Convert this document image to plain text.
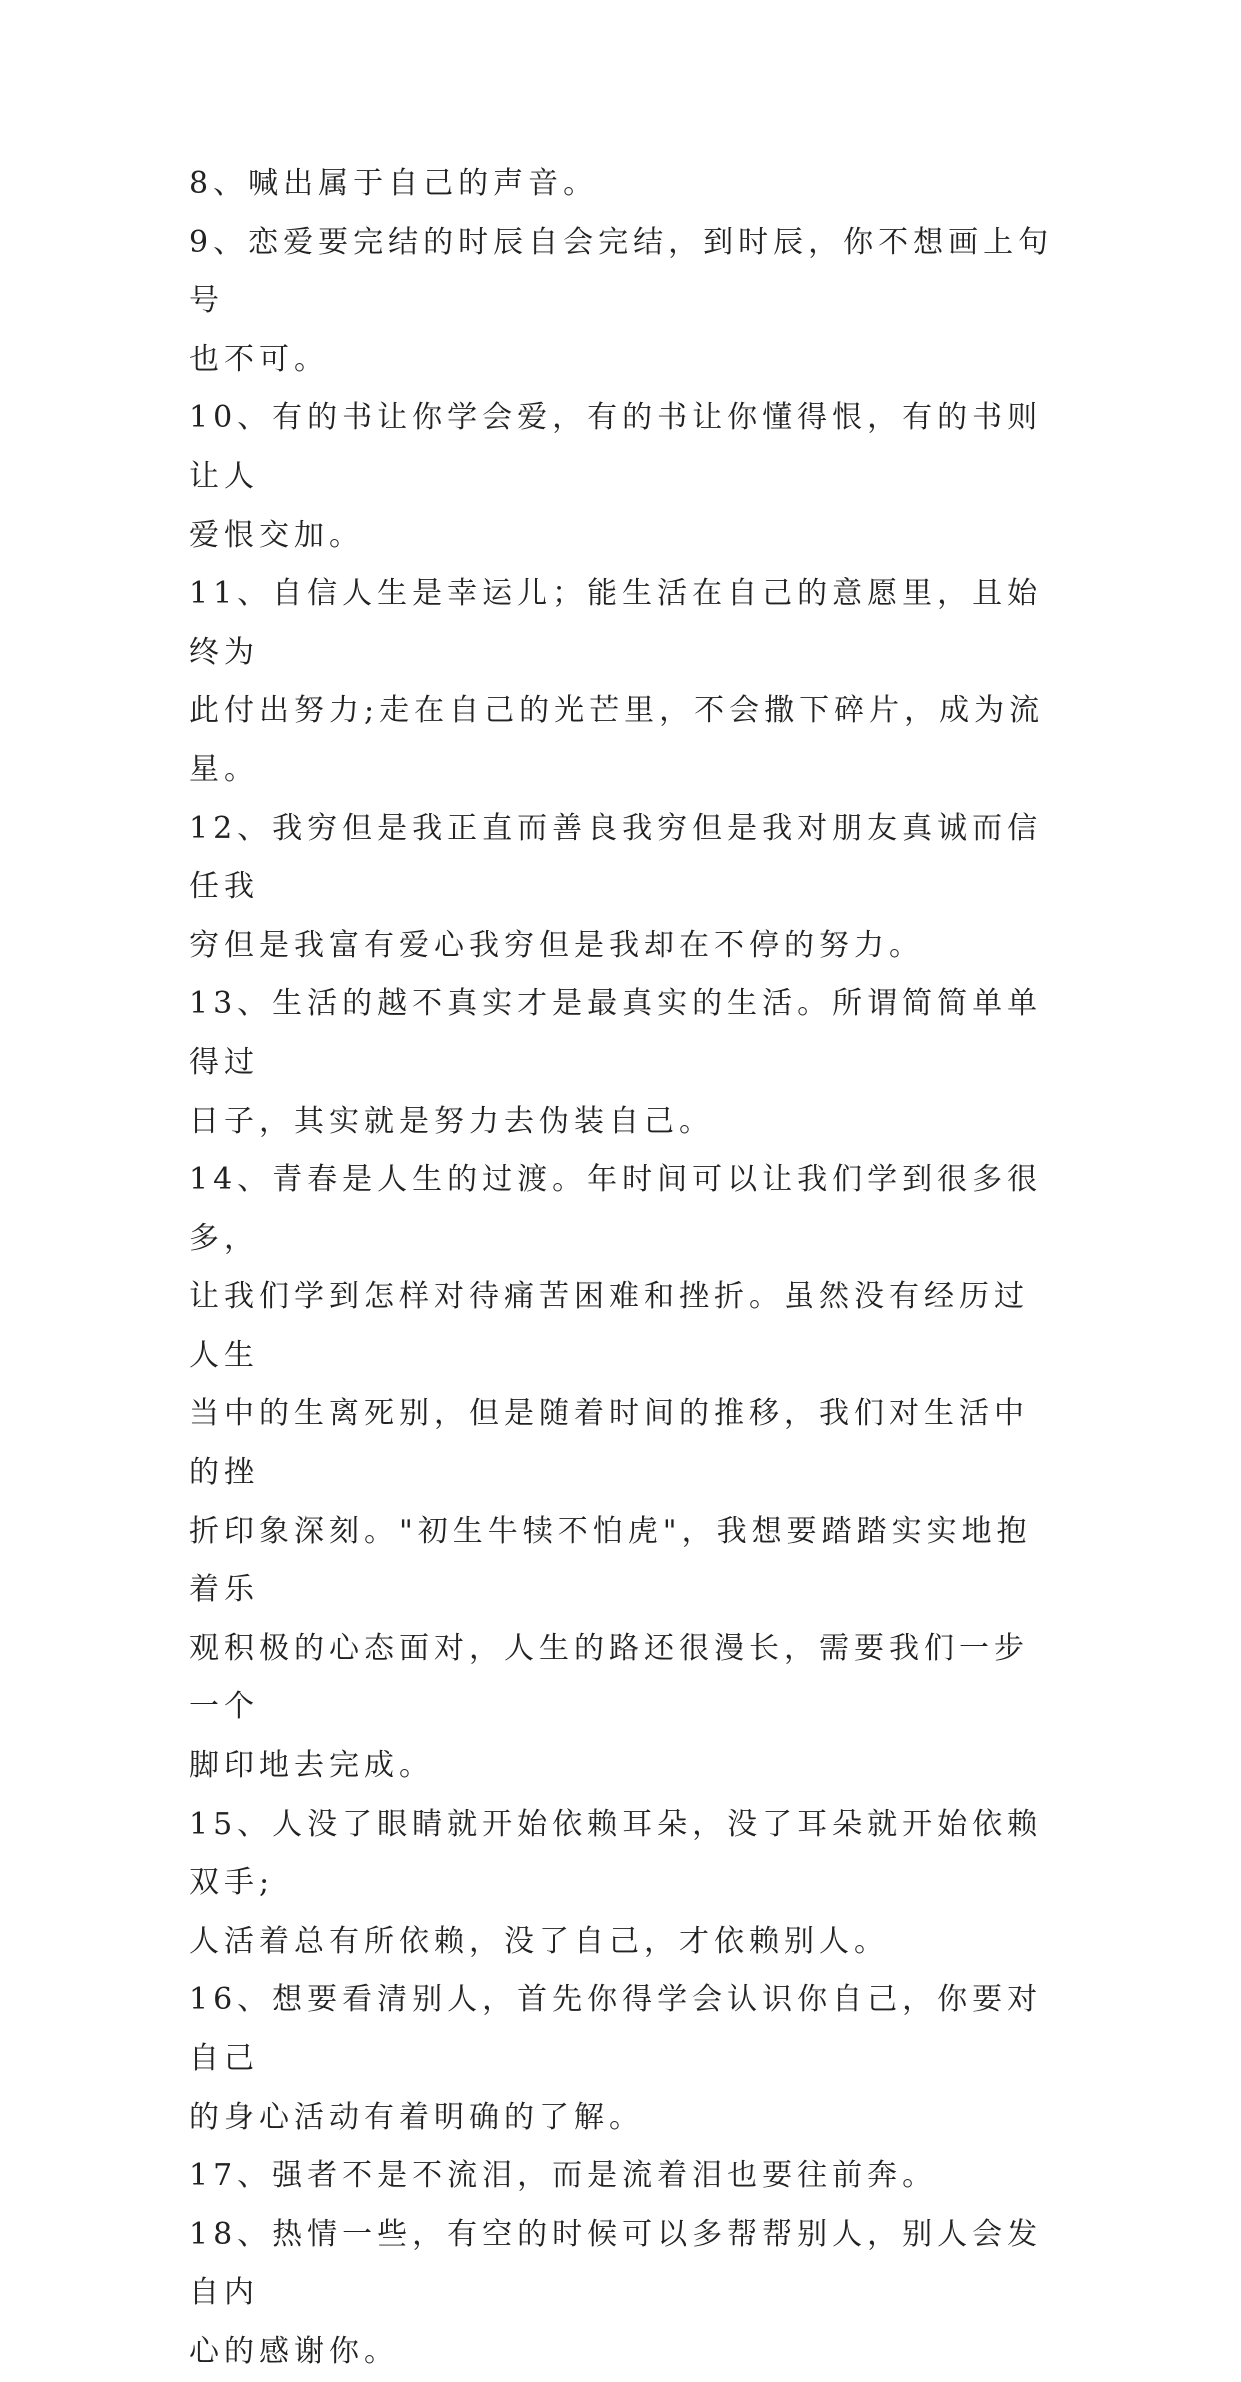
8、喊出属于自己的声音。

9、恋爱要完结的时辰自会完结，到时辰，你不想画上句号
也不可。

10、有的书让你学会爱，有的书让你懂得恨，有的书则让人
爱恨交加。

11、自信人生是幸运儿；能生活在自己的意愿里，且始终为
此付出努力;走在自己的光芒里，不会撒下碎片，成为流星。

12、我穷但是我正直而善良我穷但是我对朋友真诚而信任我
穷但是我富有爱心我穷但是我却在不停的努力。

13、生活的越不真实才是最真实的生活。所谓简简单单得过
日子，其实就是努力去伪装自己。

14、青春是人生的过渡。年时间可以让我们学到很多很多，
让我们学到怎样对待痛苦困难和挫折。虽然没有经历过人生
当中的生离死别，但是随着时间的推移，我们对生活中的挫
折印象深刻。"初生牛犊不怕虎"，我想要踏踏实实地抱着乐
观积极的心态面对，人生的路还很漫长，需要我们一步一个
脚印地去完成。

15、人没了眼睛就开始依赖耳朵，没了耳朵就开始依赖双手;
人活着总有所依赖，没了自己，才依赖别人。

16、想要看清别人，首先你得学会认识你自己，你要对自己
的身心活动有着明确的了解。

17、强者不是不流泪，而是流着泪也要往前奔。

18、热情一些，有空的时候可以多帮帮别人，别人会发自内
心的感谢你。
